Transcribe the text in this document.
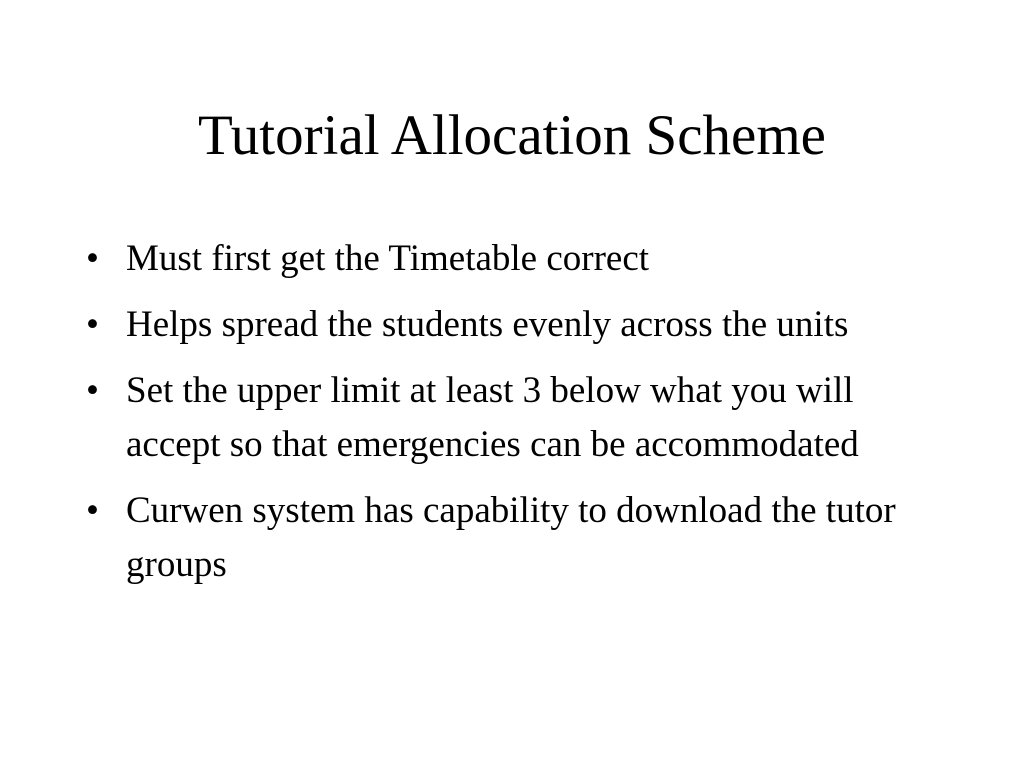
Tutorial Allocation Scheme
• Must first get the Timetable correct
• Helps spread the students evenly across the units
• Set the upper limit at least 3 below what you will accept so that emergencies can be accommodated
• Curwen system has capability to download the tutor groups
